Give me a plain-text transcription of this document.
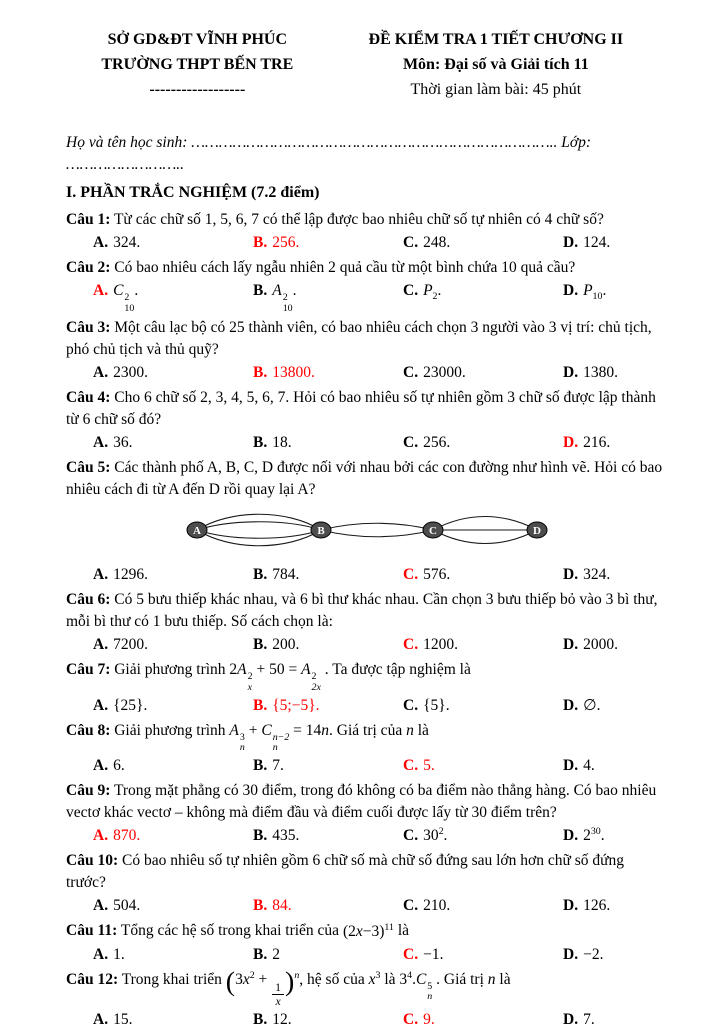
SỞ GD&ĐT VĨNH PHÚC
TRƯỜNG THPT BẾN TRE
------------------
ĐỀ KIỂM TRA 1 TIẾT CHƯƠNG II
Môn: Đại số và Giải tích 11
Thời gian làm bài: 45 phút
Họ và tên học sinh: …………………………………………………………………….. Lớp: ……………………..
I. PHẦN TRẮC NGHIỆM (7.2 điểm)

Câu 1: Từ các chữ số 1, 5, 6, 7 có thể lập được bao nhiêu chữ số tự nhiên có 4 chữ số?

A. 324.	B. 256.	C. 248.	D. 124.

Câu 2: Có bao nhiêu cách lấy ngẫu nhiên 2 quả cầu từ một bình chứa 10 quả cầu?

A. C 2
10
.	B. A 2
10
.	C. $P_2$.	D. $P_{10}$.

Câu 3: Một câu lạc bộ có 25 thành viên, có bao nhiêu cách chọn 3 người vào 3 vị trí: chủ tịch, phó chủ tịch và thủ quỹ?

A. 2300.	B. 13800.	C. 23000.	D. 1380.

Câu 4: Cho 6 chữ số 2, 3, 4, 5, 6, 7. Hỏi có bao nhiêu số tự nhiên gồm 3 chữ số được lập thành từ 6 chữ số đó?

A. 36.	B. 18.	C. 256.	D. 216.

Câu 5: Các thành phố A, B, C, D được nối với nhau bởi các con đường như hình vẽ. Hỏi có bao nhiêu cách đi từ A đến D rồi quay lại A?

A	B	C	D
A. 1296.	B. 784.	C. 576.	D. 324.

Câu 6: Có 5 bưu thiếp khác nhau, và 6 bì thư khác nhau. Cần chọn 3 bưu thiếp bỏ vào 3 bì thư, mỗi bì thư có 1 bưu thiếp. Số cách chọn là:

A. 7200.	B. 200.	C. 1200.	D. 2000.

Câu 7: Giải phương trình 2A 2
x
+ 50 = A 2
2x
. Ta được tập nghiệm là

A. {25}.	B. {5;−5}.	C. {5}.	D. ∅.

Câu 8: Giải phương trình A 3
n
+ C n−2
n
= 14n. Giá trị của n là

A. 6.	B. 7.	C. 5.	D. 4.

Câu 9: Trong mặt phẳng có 30 điểm, trong đó không có ba điểm nào thẳng hàng. Có bao nhiêu vectơ khác vectơ – không mà điểm đầu và điểm cuối được lấy từ 30 điểm trên?

A. 870.	B. 435.	C. $30^2$.	D. $2^{30}$.

Câu 10: Có bao nhiêu số tự nhiên gồm 6 chữ số mà chữ số đứng sau lớn hơn chữ số đứng trước?

A. 504.	B. 84.	C. 210.	D. 126.

Câu 11: Tổng các hệ số trong khai triển của $(2x-3)^{11}$ là

A. 1.	B. 2	C. −1.	D. −2.

Câu 12: Trong khai triển ($3x^2$ +
$\frac{1}{x} )^n$, hệ số của $x^3$ là $3^4.C$ 5
n
. Giá trị n là

A. 15.	B. 12.	C. 9.	D. 7.
